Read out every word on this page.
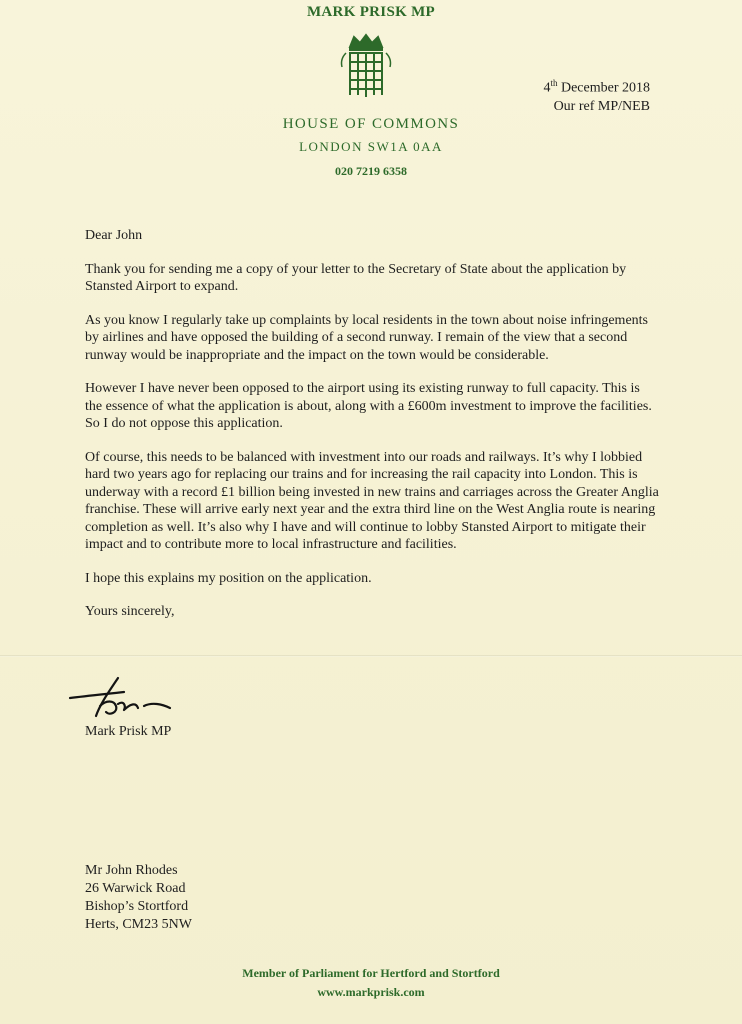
MARK PRISK MP
4th December 2018
Our ref MP/NEB
HOUSE OF COMMONS
LONDON SW1A 0AA
020 7219 6358

Dear John

Thank you for sending me a copy of your letter to the Secretary of State about the application by Stansted Airport to expand.

As you know I regularly take up complaints by local residents in the town about noise infringements by airlines and have opposed the building of a second runway. I remain of the view that a second runway would be inappropriate and the impact on the town would be considerable.

However I have never been opposed to the airport using its existing runway to full capacity. This is the essence of what the application is about, along with a £600m investment to improve the facilities. So I do not oppose this application.

Of course, this needs to be balanced with investment into our roads and railways. It’s why I lobbied hard two years ago for replacing our trains and for increasing the rail capacity into London. This is underway with a record £1 billion being invested in new trains and carriages across the Greater Anglia franchise. These will arrive early next year and the extra third line on the West Anglia route is nearing completion as well. It’s also why I have and will continue to lobby Stansted Airport to mitigate their impact and to contribute more to local infrastructure and facilities.

I hope this explains my position on the application.

Yours sincerely,

Mark Prisk MP
Mr John Rhodes
26 Warwick Road
Bishop’s Stortford
Herts, CM23 5NW
Member of Parliament for Hertford and Stortford
www.markprisk.com
